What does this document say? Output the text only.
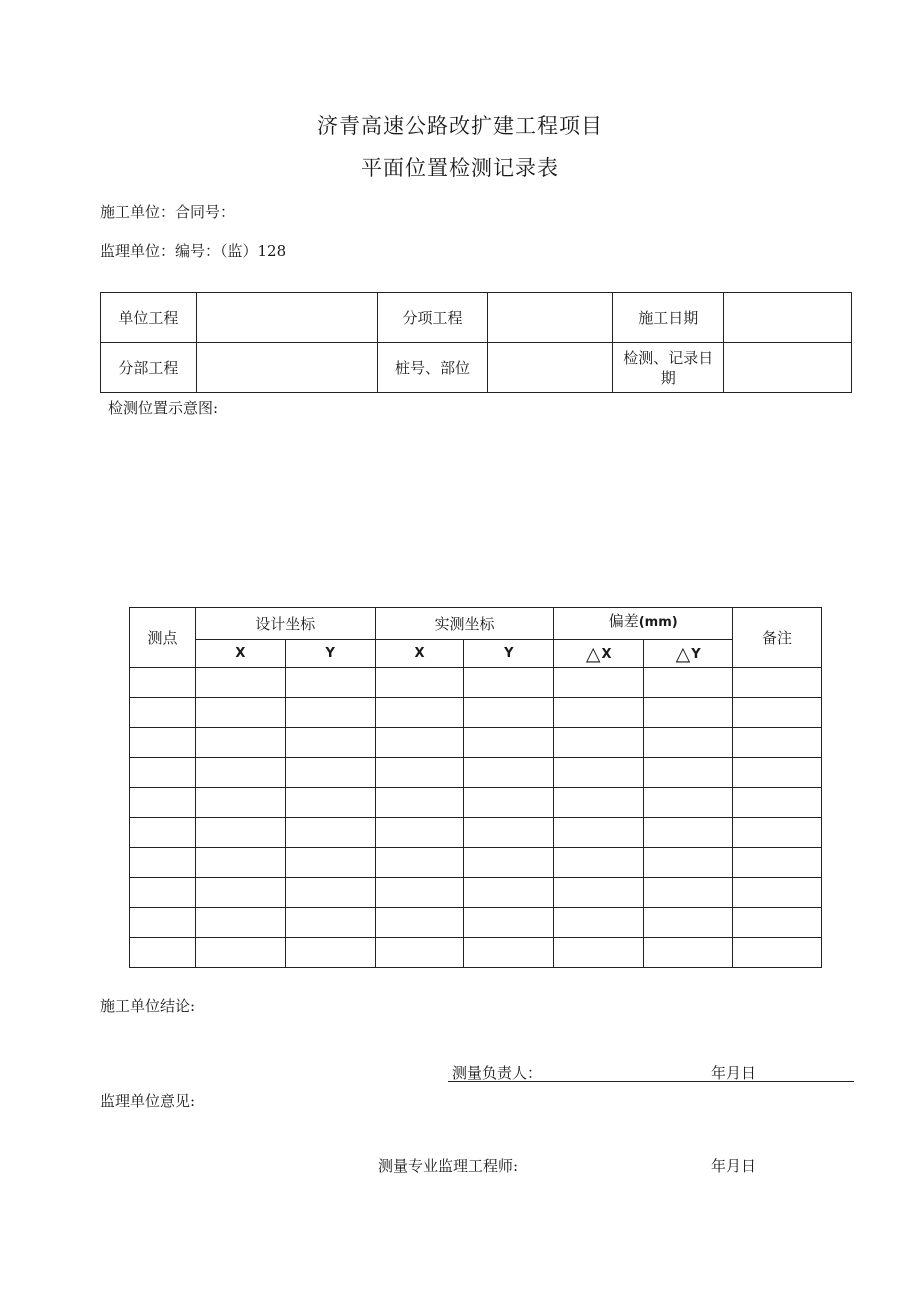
济青高速公路改扩建工程项目
平面位置检测记录表
施工单位：合同号：
监理单位：编号：（监）128
单位工程		分项工程		施工日期	
分部工程		桩号、部位		检测、记录日期	
检测位置示意图:
测点	设计坐标		实测坐标		偏差(mm)		备注
	X	Y	X	Y	△X	△Y	

施工单位结论:
测量负责人：	年月日
监理单位意见:
测量专业监理工程师:	年月日
